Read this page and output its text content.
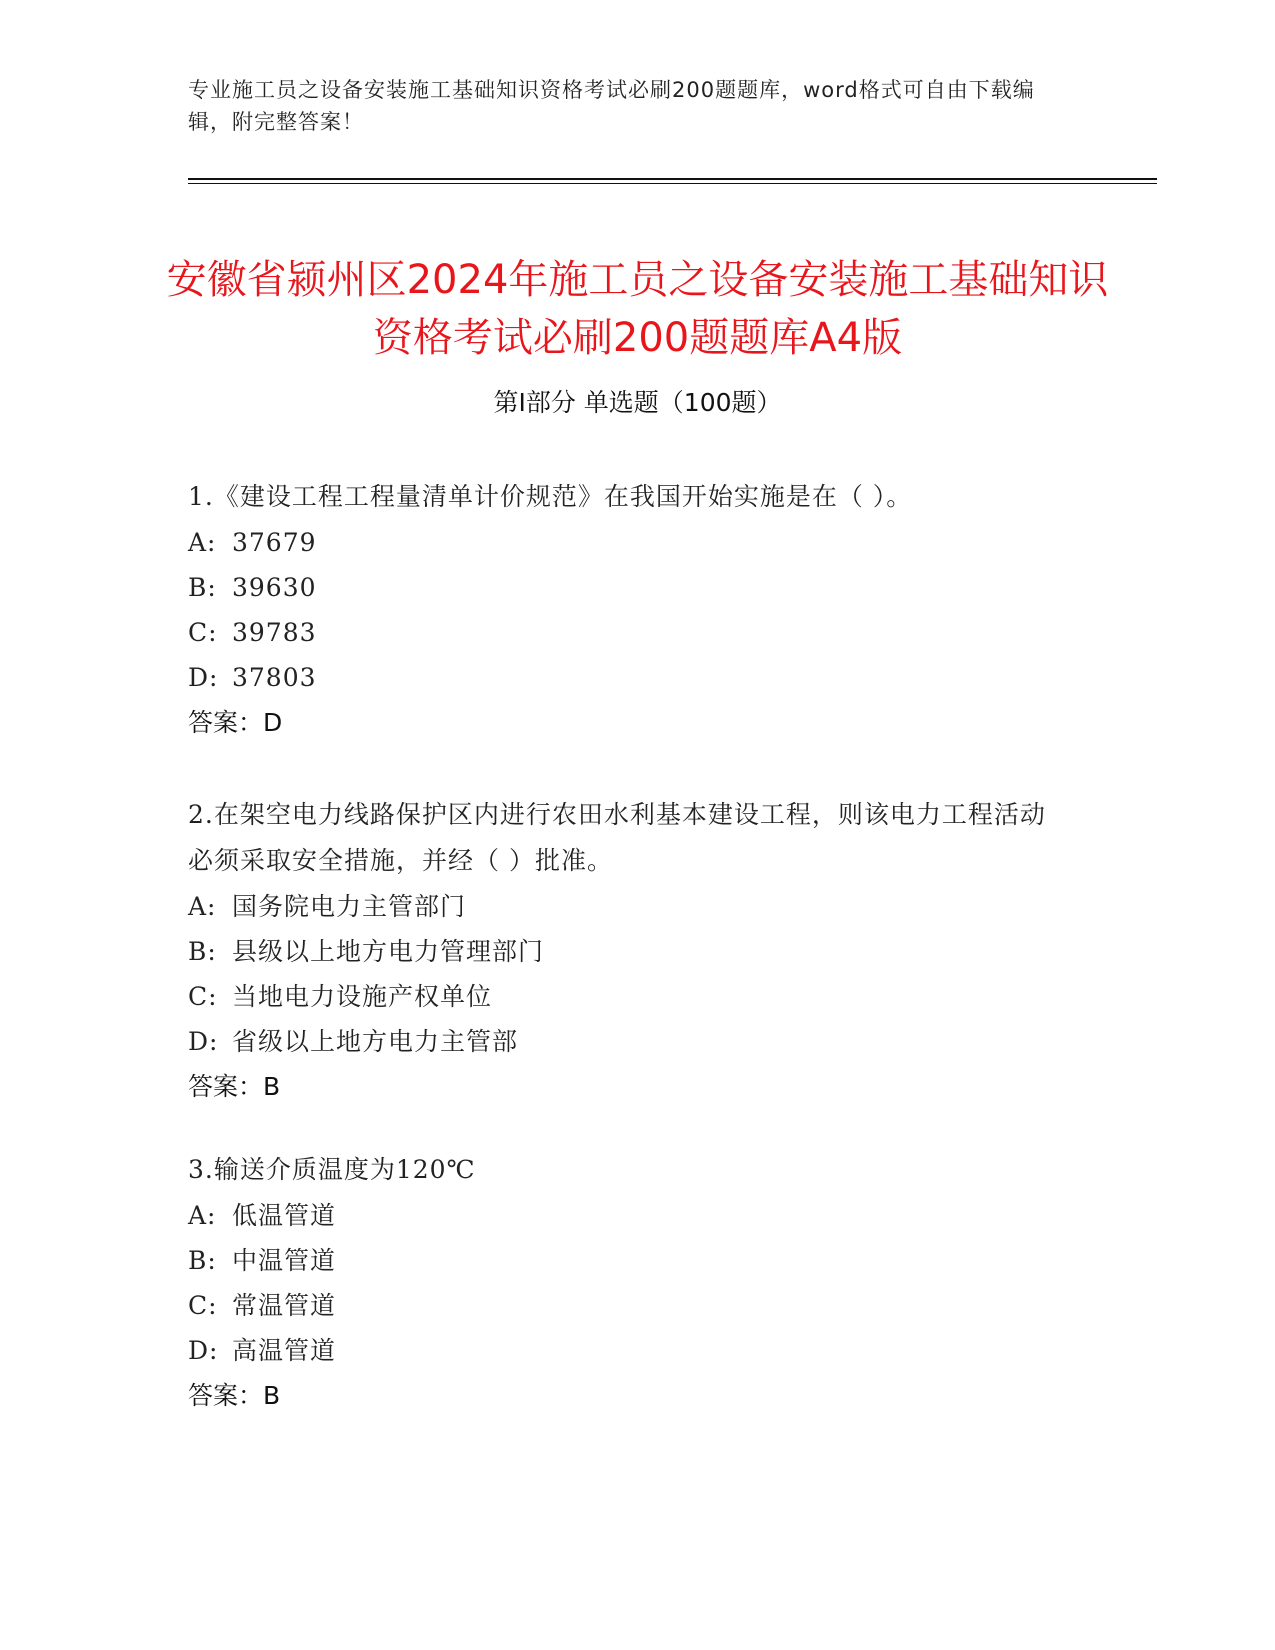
专业施工员之设备安装施工基础知识资格考试必刷200题题库，word格式可自由下载编辑，附完整答案！
安徽省颍州区2024年施工员之设备安装施工基础知识资格考试必刷200题题库A4版
第Ⅰ部分 单选题（100题）

1.《建设工程工程量清单计价规范》在我国开始实施是在（ ）。

A: 37679

B: 39630

C: 39783

D: 37803

答案：D

2.在架空电力线路保护区内进行农田水利基本建设工程，则该电力工程活动必须采取安全措施，并经（ ）批准。

A: 国务院电力主管部门

B: 县级以上地方电力管理部门

C: 当地电力设施产权单位

D: 省级以上地方电力主管部

答案：B

3.输送介质温度为120℃

A: 低温管道

B: 中温管道

C: 常温管道

D: 高温管道

答案：B
